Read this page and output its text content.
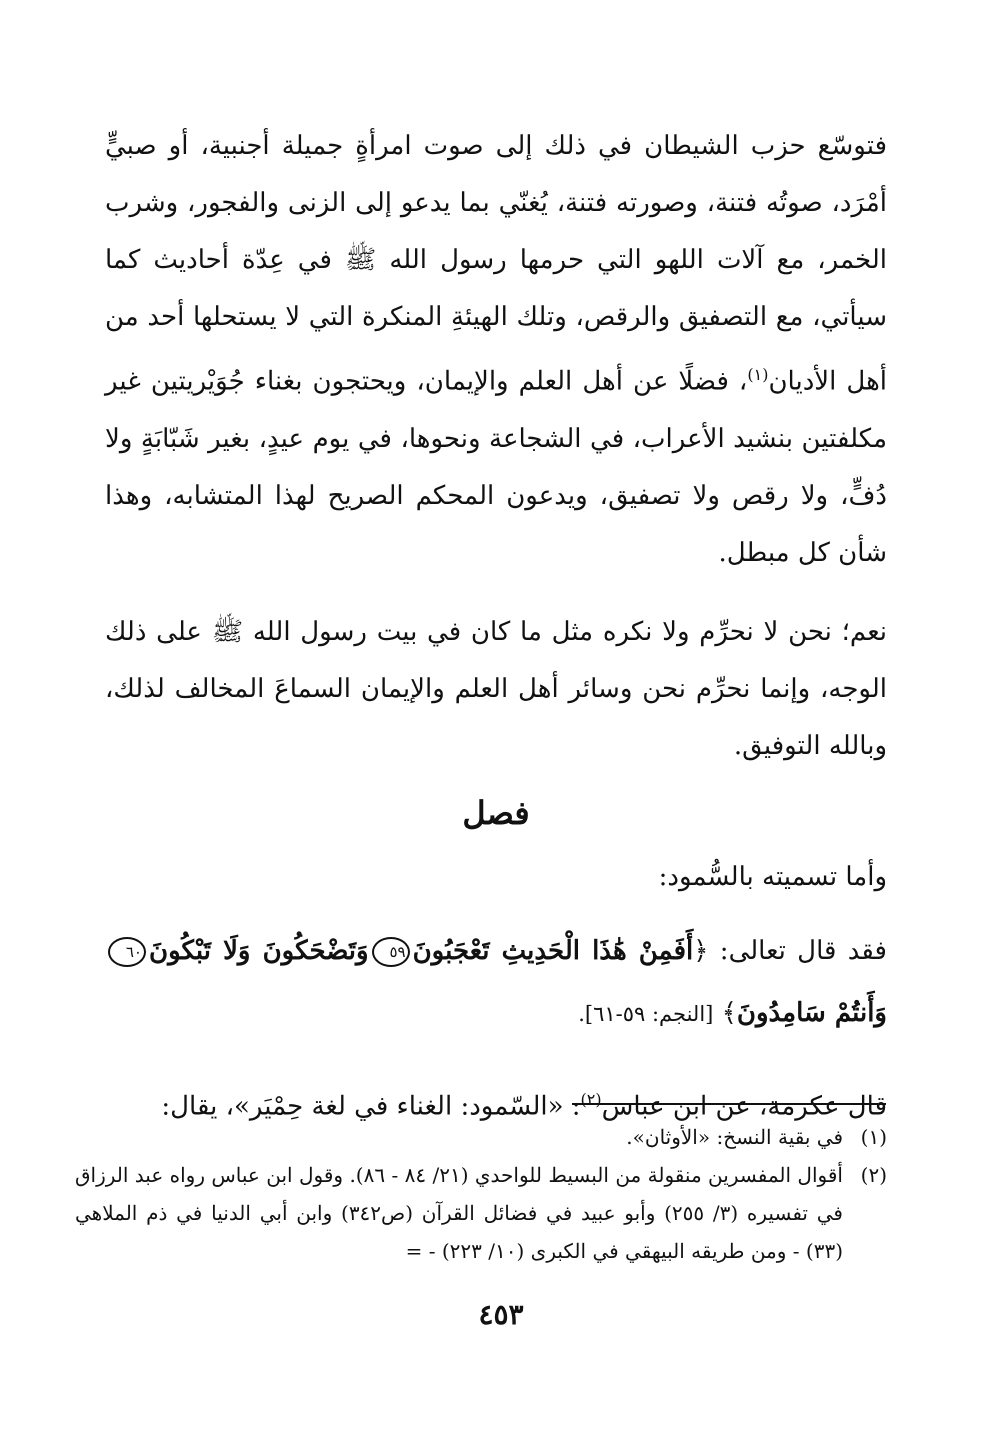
فتوسّع حزب الشيطان في ذلك إلى صوت امرأةٍ جميلة أجنبية، أو صبيٍّ أمْرَد، صوتُه فتنة، وصورته فتنة، يُغنّي بما يدعو إلى الزنى والفجور، وشرب الخمر، مع آلات اللهو التي حرمها رسول الله ﷺ في عِدّة أحاديث كما سيأتي، مع التصفيق والرقص، وتلك الهيئةِ المنكرة التي لا يستحلها أحد من أهل الأديان$^{(١)}$، فضلًا عن أهل العلم والإيمان، ويحتجون بغناء جُوَيْريتين غير مكلفتين بنشيد الأعراب، في الشجاعة ونحوها، في يوم عيدٍ، بغير شَبّابَةٍ ولا دُفٍّ، ولا رقص ولا تصفيق، ويدعون المحكم الصريح لهذا المتشابه، وهذا شأن كل مبطل.

نعم؛ نحن لا نحرِّم ولا نكره مثل ما كان في بيت رسول الله ﷺ على ذلك الوجه، وإنما نحرِّم نحن وسائر أهل العلم والإيمان السماعَ المخالف لذلك، وبالله التوفيق.

فصل

وأما تسميته بالسُّمود:

فقد قال تعالى: ﴿أَفَمِنْ هَٰذَا الْحَدِيثِ تَعْجَبُونَ٥٩وَتَضْحَكُونَ وَلَا تَبْكُونَ٦٠وَأَنتُمْ سَامِدُونَ﴾ [النجم: ٥٩-٦١].

قال عكرمة، عن ابن عباس$^{(٢)}$: «السّمود: الغناء في لغة حِمْيَر»، يقال:

(١)
في بقية النسخ: «الأوثان».
(٢)
أقوال المفسرين منقولة من البسيط للواحدي (٢١/ ٨٤ - ٨٦). وقول ابن عباس رواه عبد الرزاق في تفسيره (٣/ ٢٥٥) وأبو عبيد في فضائل القرآن (ص٣٤٢) وابن أبي الدنيا في ذم الملاهي (٣٣) - ومن طريقه البيهقي في الكبرى (١٠/ ٢٢٣) - =
٤٥٣
